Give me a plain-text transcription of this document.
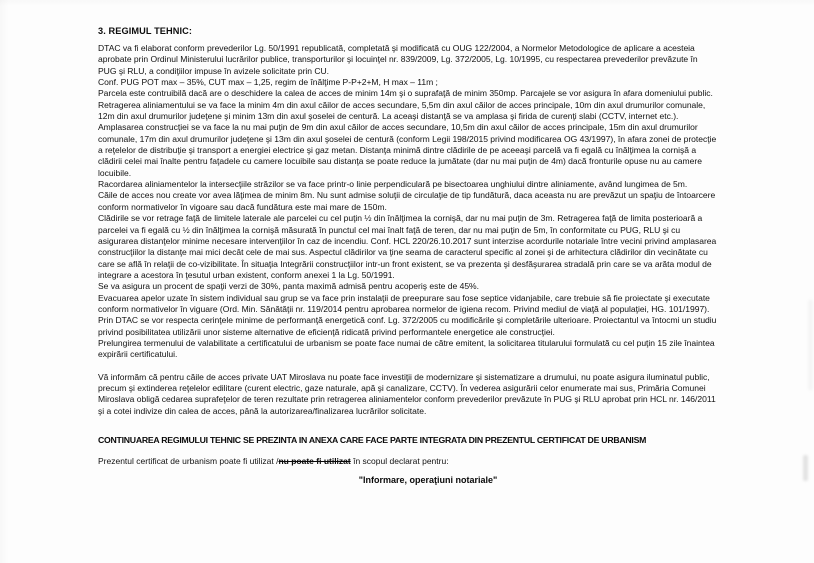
3. REGIMUL TEHNIC:

DTAC va fi elaborat conform prevederilor Lg. 50/1991 republicată, completată şi modificată cu OUG 122/2004, a Normelor Metodologice de aplicare a acesteia aprobate prin Ordinul Ministerului lucrărilor publice, transporturilor şi locuinţel nr. 839/2009, Lg. 372/2005, Lg. 10/1995, cu respectarea prevederilor prevăzute în PUG şi RLU, a condiţiilor impuse în avizele solicitate prin CU.

Conf. PUG POT max – 35%, CUT max – 1,25, regim de înălţime P-P+2+M, H max – 11m ;

Parcela este contruibilă dacă are o deschidere la calea de acces de minim 14m şi o suprafaţă de minim 350mp. Parcajele se vor asigura în afara domeniului public.

Retragerea aliniamentului se va face la minim 4m din axul căilor de acces secundare, 5,5m din axul căilor de acces principale, 10m din axul drumurilor comunale, 12m din axul drumurilor judeţene şi minim 13m din axul şoselei de centură. La aceaşi distanţă se va amplasa şi firida de curenţi slabi (CCTV, internet etc.). Amplasarea construcţiei se va face la nu mai puţin de 9m din axul căilor de acces secundare, 10,5m din axul căilor de acces principale, 15m din axul drumurilor comunale, 17m din axul drumurilor judeţene şi 13m din axul şoselei de centură (conform Legii 198/2015 privind modificarea OG 43/1997), în afara zonei de protecţie a reţelelor de distribuţie şi transport a energiei electrice şi gaz metan. Distanţa minimă dintre clădirile de pe aceeaşi parcelă va fi egală cu înălţimea la cornişă a clădirii celei mai înalte pentru faţadele cu camere locuibile sau distanţa se poate reduce la jumătate (dar nu mai puţin de 4m) dacă fronturile opuse nu au camere locuibile.

Racordarea aliniamentelor la intersecţiile străzilor se va face printr-o linie perpendiculară pe bisectoarea unghiului dintre aliniamente, având lungimea de 5m.

Căile de acces nou create vor avea lăţimea de minim 8m. Nu sunt admise soluţii de circulaţie de tip fundătură, daca aceasta nu are prevăzut un spaţiu de întoarcere conform normativelor în vigoare sau dacă fundătura este mai mare de 150m.

Clădirile se vor retrage faţă de limitele laterale ale parcelei cu cel puţin ½ din înălţimea la cornişă, dar nu mai puţin de 3m. Retragerea faţă de limita posterioară a parcelei va fi egală cu ½ din înălţimea la cornişă măsurată în punctul cel mai înalt faţă de teren, dar nu mai puţin de 5m, în conformitate cu PUG, RLU şi cu asigurarea distanţelor minime necesare intervenţiilor în caz de incendiu. Conf. HCL 220/26.10.2017 sunt interzise acordurile notariale între vecini privind amplasarea construcţiilor la distanţe mai mici decât cele de mai sus. Aspectul clădirilor va ţine seama de caracterul specific al zonei şi de arhitectura clădirilor din vecinătate cu care se află în relaţii de co-vizibilitate. În situaţia Integrării construcţiilor intr-un front existent, se va prezenta şi desfăşurarea stradală prin care se va arăta modul de integrare a acestora în ţesutul urban existent, conform anexei 1 la Lg. 50/1991.

Se va asigura un procent de spaţii verzi de 30%, panta maximă admisă pentru acoperiş este de 45%.

Evacuarea apelor uzate în sistem individual sau grup se va face prin instalaţii de preepurare sau fose septice vidanjabile, care trebuie să fie proiectate şi executate conform normativelor în viguare (Ord. Min. Sănătăţii nr. 119/2014 pentru aprobarea normelor de igiena recom. Privind mediul de viaţă al populaţiei, HG. 101/1997).

Prin DTAC se vor respecta cerinţele minime de performanţă energetică conf. Lg. 372/2005 cu modificările şi completările ulterioare. Proiectantul va întocmi un studiu privind posibilitatea utilizării unor sisteme alternative de eficienţă ridicată privind performantele energetice ale construcţiei.

Prelungirea termenului de valabilitate a certificatului de urbanism se poate face numai de către emitent, la solicitarea titularului formulată cu cel puţin 15 zile înaintea expirării certificatului.

Vă informăm că pentru căile de acces private UAT Miroslava nu poate face investiţii de modernizare şi sistematizare a drumului, nu poate asigura iluminatul public, precum şi extinderea reţelelor edilitare (curent electric, gaze naturale, apă şi canalizare, CCTV). În vederea asigurării celor enumerate mai sus, Primăria Comunei Miroslava obligă cedarea suprafeţelor de teren rezultate prin retragerea aliniamentelor conform prevederilor prevăzute în PUG şi RLU aprobat prin HCL nr. 146/2011 şi a cotei indivize din calea de acces, până la autorizarea/finalizarea lucrărilor solicitate.

CONTINUAREA REGIMULUI TEHNIC SE PREZINTA IN ANEXA CARE FACE PARTE INTEGRATA DIN PREZENTUL CERTIFICAT DE URBANISM

Prezentul certificat de urbanism poate fi utilizat /nu poate fi utilizat în scopul declarat pentru:

"Informare, operaţiuni notariale"
